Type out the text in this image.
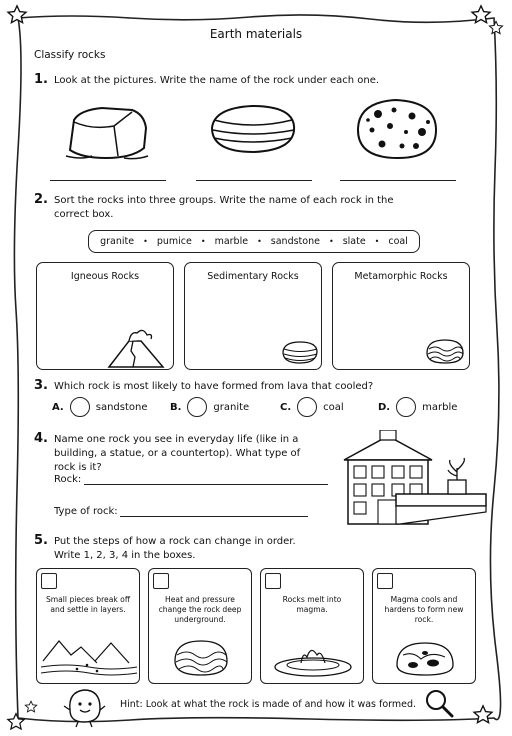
Earth materials
Classify rocks
1. Look at the pictures. Write the name of the rock under each one.
2. Sort the rocks into three groups. Write the name of each rock in the correct box.
granite • pumice • marble • sandstone • slate • coal
Igneous Rocks	Sedimentary Rocks	Metamorphic Rocks
3. Which rock is most likely to have formed from lava that cooled?
A.	sandstone B.	granite	C.	coal	D.	marble
4. Name one rock you see in everyday life (like in a building, a statue, or a countertop). What type of rock is it?
Rock:
Type of rock:
5. Put the steps of how a rock can change in order. Write 1, 2, 3, 4 in the boxes.
Small pieces break off and settle in layers.
Heat and pressure change the rock deep underground.
Rocks melt into magma.
Magma cools and hardens to form new rock.
Hint: Look at what the rock is made of and how it was formed.
